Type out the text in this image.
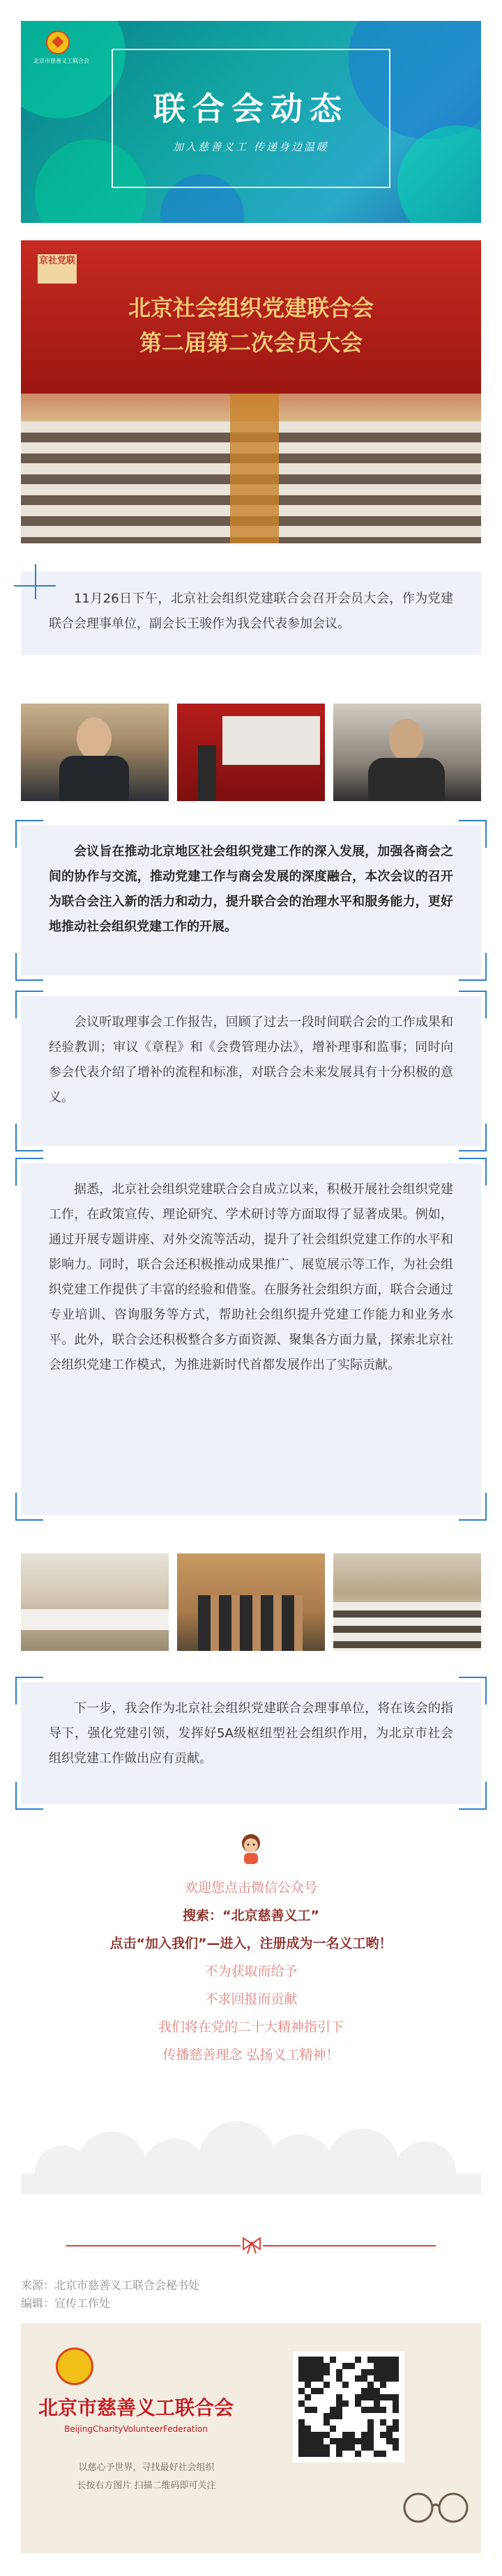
北京市慈善义工联合会
联合会动态
加入慈善义工 传递身边温暖
京社党联
北京社会组织党建联合会
第二届第二次会员大会

11月26日下午，北京社会组织党建联合会召开会员大会，作为党建联合会理事单位，副会长王骏作为我会代表参加会议。

会议旨在推动北京地区社会组织党建工作的深入发展，加强各商会之间的协作与交流，推动党建工作与商会发展的深度融合，本次会议的召开为联合会注入新的活力和动力，提升联合会的治理水平和服务能力，更好地推动社会组织党建工作的开展。

会议听取理事会工作报告，回顾了过去一段时间联合会的工作成果和经验教训；审议《章程》和《会费管理办法》，增补理事和监事；同时向参会代表介绍了增补的流程和标准，对联合会未来发展具有十分积极的意义。

据悉，北京社会组织党建联合会自成立以来，积极开展社会组织党建工作，在政策宣传、理论研究、学术研讨等方面取得了显著成果。例如，通过开展专题讲座、对外交流等活动，提升了社会组织党建工作的水平和影响力。同时，联合会还积极推动成果推广、展览展示等工作，为社会组织党建工作提供了丰富的经验和借鉴。在服务社会组织方面，联合会通过专业培训、咨询服务等方式，帮助社会组织提升党建工作能力和业务水平。此外，联合会还积极整合多方面资源、聚集各方面力量，探索北京社会组织党建工作模式，为推进新时代首都发展作出了实际贡献。

下一步，我会作为北京社会组织党建联合会理事单位，将在该会的指导下，强化党建引领，发挥好5A级枢纽型社会组织作用，为北京市社会组织党建工作做出应有贡献。

欢迎您点击微信公众号
搜索：“北京慈善义工”
点击“加入我们”—进入，注册成为一名义工哟！
不为获取而给予
不求回报而贡献
我们将在党的二十大精神指引下
传播慈善理念 弘扬义工精神！
来源：北京市慈善义工联合会秘书处
编辑：宣传工作处
北京市慈善义工联合会
BeijingCharityVolunteerFederation
以慈心予世界，寻找最好社会组织
长按右方图片 扫描二维码即可关注
